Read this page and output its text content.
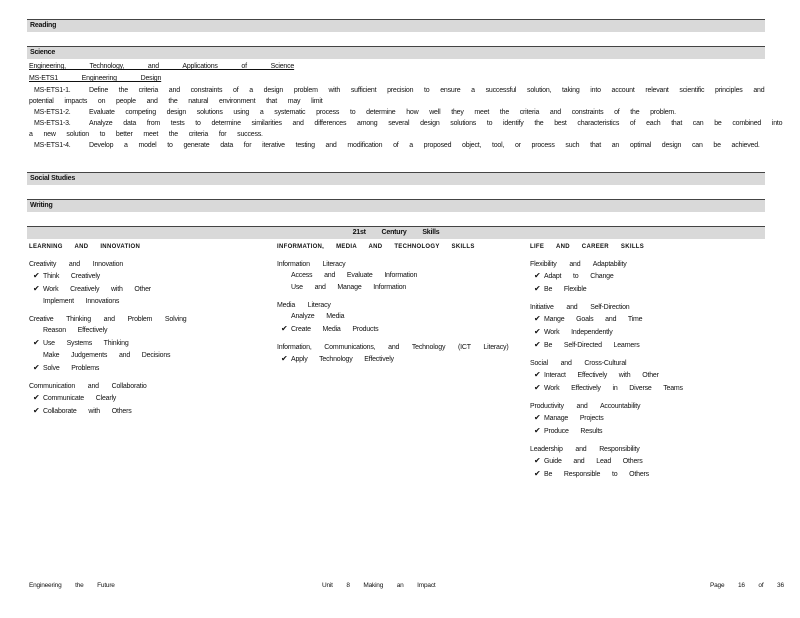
Reading
Science
Engineering, Technology, and Applications of Science
MS-ETS1 Engineering Design
MS-ETS1-1.	Define the criteria and constraints of a design problem with sufficient precision to ensure a successful solution, taking into account relevant scientific principles and
potential impacts on people and the natural environment that may limit
MS-ETS1-2.	Evaluate competing design solutions using a systematic process to determine how well they meet the criteria and constraints of the problem.
MS-ETS1-3.	Analyze data from tests to determine similarities and differences among several design solutions to identify the best characteristics of each that can be combined into
a new solution to better meet the criteria for success.
MS-ETS1-4.	Develop a model to generate data for iterative testing and modification of a proposed object, tool, or process such that an optimal design can be achieved.
Social Studies
Writing
21st Century Skills
LEARNING AND INNOVATION
Creativity and Innovation
✔ Think Creatively
✔ Work Creatively with Other
Implement Innovations
Creative Thinking and Problem Solving
Reason Effectively
✔ Use Systems Thinking
Make Judgements and Decisions
✔ Solve Problems
Communication and Collaboratio
✔ Communicate Clearly
✔ Collaborate with Others
INFORMATION, MEDIA AND TECHNOLOGY SKILLS
Information Literacy
Access and Evaluate Information
Use and Manage Information
Media Literacy
Analyze Media
✔ Create Media Products
Information, Communications, and Technology (ICT Literacy)
✔ Apply Technology Effectively
LIFE AND CAREER SKILLS
Flexibility and Adaptability
✔ Adapt to Change
✔ Be Flexible
Initiative and Self-Direction
✔ Mange Goals and Time
✔ Work Independently
✔ Be Self-Directed Learners
Social and Cross-Cultural
✔ Interact Effectively with Other
✔ Work Effectively in Diverse Teams
Productivity and Accountability
✔ Manage Projects
✔ Produce Results
Leadership and Responsibility
✔ Guide and Lead Others
✔ Be Responsible to Others
Engineering the Future	Unit 8 Making an Impact	Page 16 of 36
